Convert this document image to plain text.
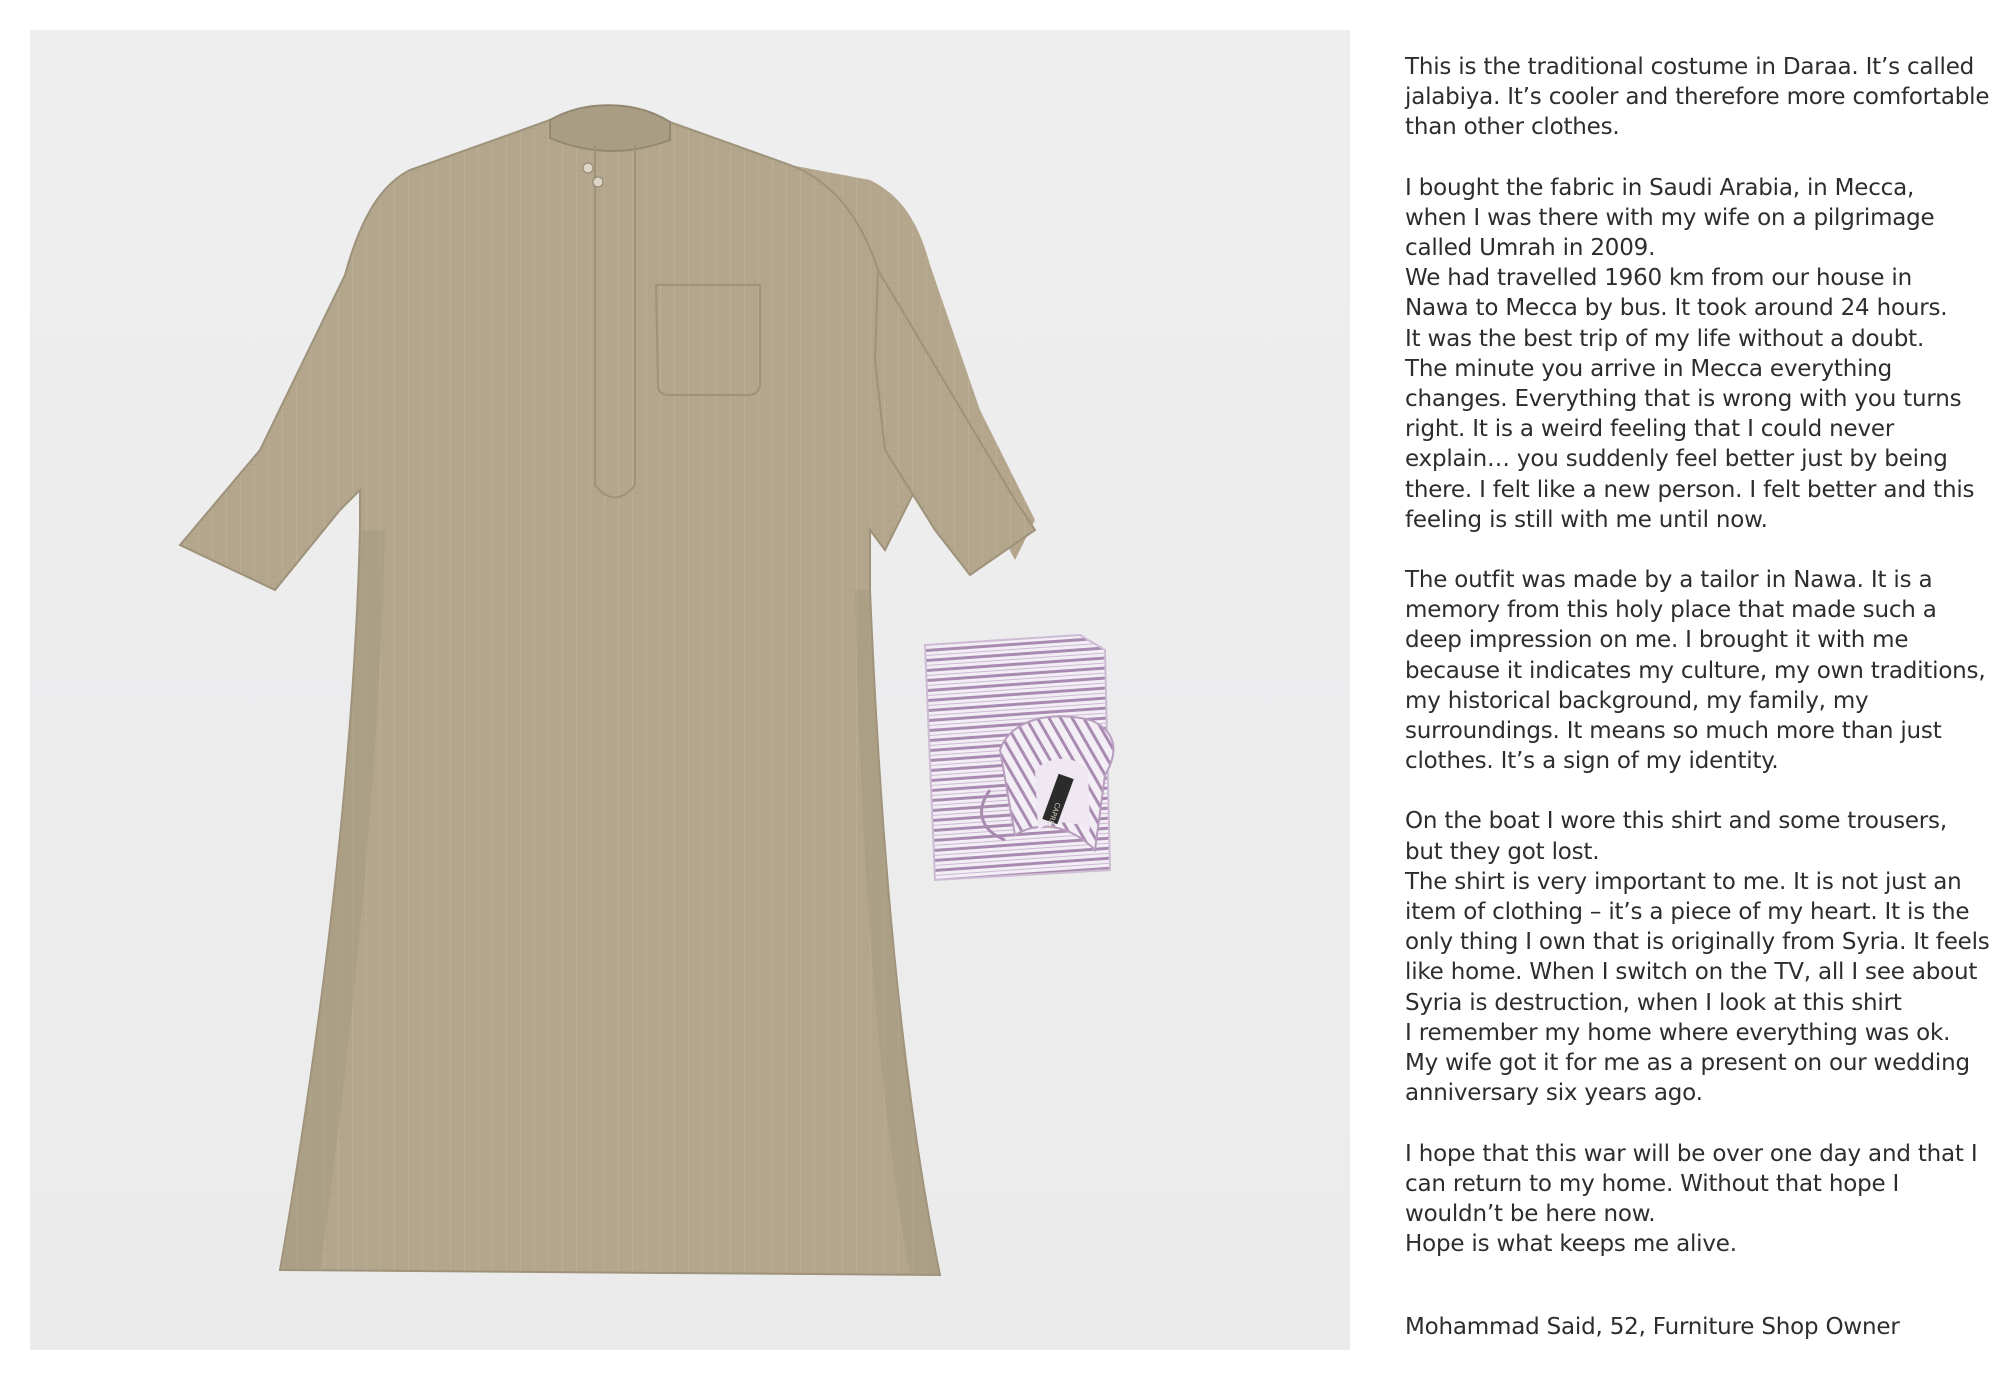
CAPRES

This is the traditional costume in Daraa. It’s called
jalabiya. It’s cooler and therefore more comfortable
than other clothes.

I bought the fabric in Saudi Arabia, in Mecca,
when I was there with my wife on a pilgrimage
called Umrah in 2009.
We had travelled 1960 km from our house in
Nawa to Mecca by bus. It took around 24 hours.
It was the best trip of my life without a doubt.
The minute you arrive in Mecca everything
changes. Everything that is wrong with you turns
right. It is a weird feeling that I could never
explain… you suddenly feel better just by being
there. I felt like a new person. I felt better and this
feeling is still with me until now.

The outfit was made by a tailor in Nawa. It is a
memory from this holy place that made such a
deep impression on me. I brought it with me
because it indicates my culture, my own traditions,
my historical background, my family, my
surroundings. It means so much more than just
clothes. It’s a sign of my identity.

On the boat I wore this shirt and some trousers,
but they got lost.
The shirt is very important to me. It is not just an
item of clothing – it’s a piece of my heart. It is the
only thing I own that is originally from Syria. It feels
like home. When I switch on the TV, all I see about
Syria is destruction, when I look at this shirt
I remember my home where everything was ok.
My wife got it for me as a present on our wedding
anniversary six years ago.

I hope that this war will be over one day and that I
can return to my home. Without that hope I
wouldn’t be here now.
Hope is what keeps me alive.

Mohammad Said, 52, Furniture Shop Owner
